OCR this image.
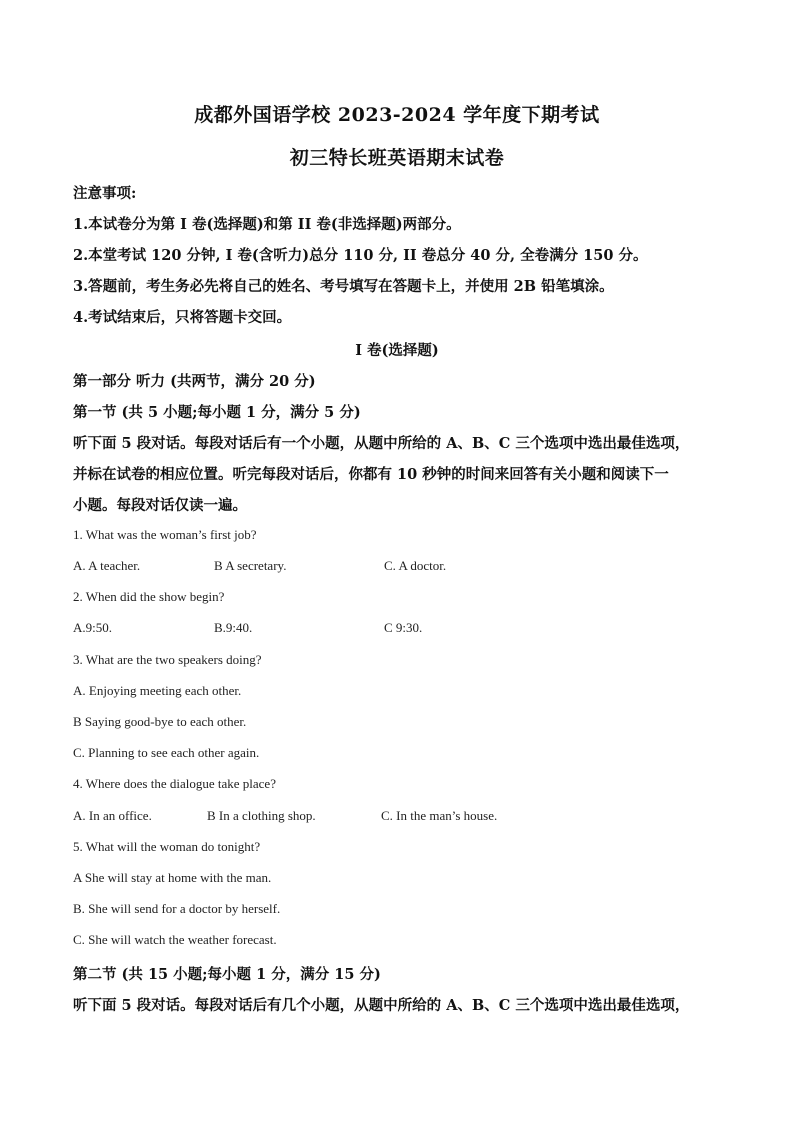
成都外国语学校 2023-2024 学年度下期考试
初三特长班英语期末试卷
注意事项:
1.本试卷分为第 I 卷(选择题)和第 II 卷(非选择题)两部分。
2.本堂考试 120 分钟, I 卷(含听力)总分 110 分, II 卷总分 40 分, 全卷满分 150 分。
3.答题前，考生务必先将自己的姓名、考号填写在答题卡上，并使用 2B 铅笔填涂。
4.考试结束后，只将答题卡交回。
I 卷(选择题)
第一部分 听力 (共两节，满分 20 分)
第一节 (共 5 小题;每小题 1 分，满分 5 分)
听下面 5 段对话。每段对话后有一个小题，从题中所给的 A、B、C 三个选项中选出最佳选项，
并标在试卷的相应位置。听完每段对话后，你都有 10 秒钟的时间来回答有关小题和阅读下一
小题。每段对话仅读一遍。
1. What was the woman’s first job?
A. A teacher.	B A secretary.	C. A doctor.
2. When did the show begin?
A.9:50.	B.9:40.	C 9:30.
3. What are the two speakers doing?
A. Enjoying meeting each other.
B Saying good-bye to each other.
C. Planning to see each other again.
4. Where does the dialogue take place?
A. In an office.	B In a clothing shop.	C. In the man’s house.
5. What will the woman do tonight?
A She will stay at home with the man.
B. She will send for a doctor by herself.
C. She will watch the weather forecast.
第二节 (共 15 小题;每小题 1 分，满分 15 分)
听下面 5 段对话。每段对话后有几个小题，从题中所给的 A、B、C 三个选项中选出最佳选项，
